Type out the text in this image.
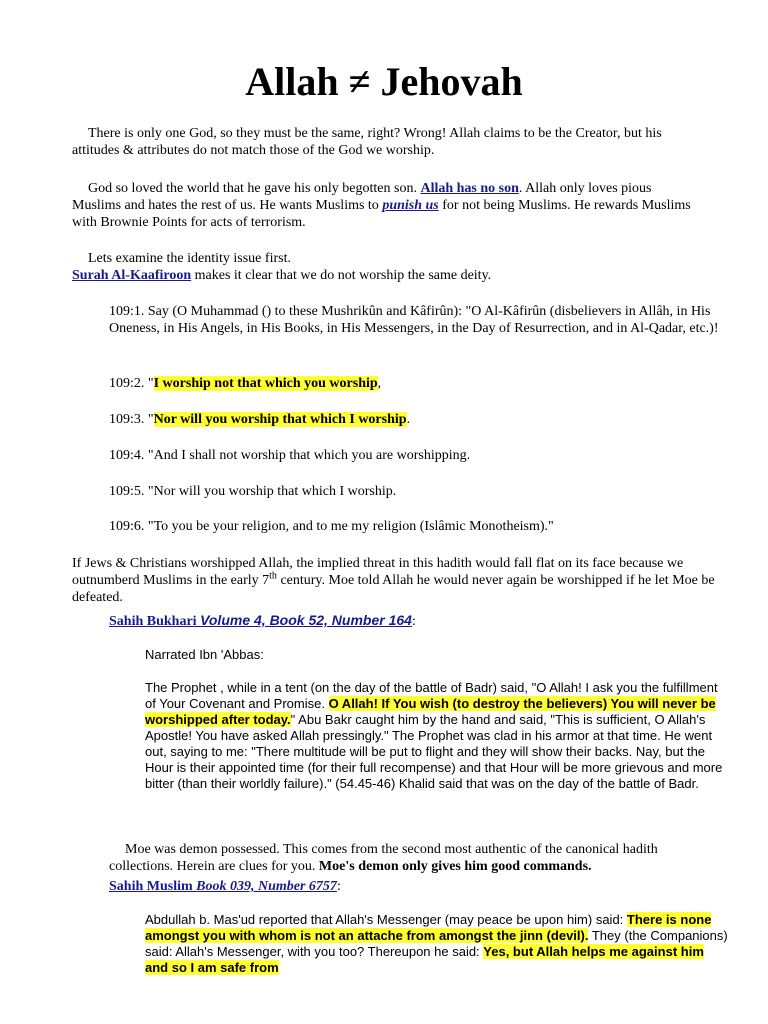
Allah ≠ Jehovah

There is only one God, so they must be the same, right? Wrong! Allah claims to be the Creator, but his attitudes & attributes do not match those of the God we worship.

God so loved the world that he gave his only begotten son. Allah has no son. Allah only loves pious Muslims and hates the rest of us. He wants Muslims to punish us for not being Muslims. He rewards Muslims with Brownie Points for acts of terrorism.

Lets examine the identity issue first.

Surah Al-Kaafiroon makes it clear that we do not worship the same deity.

109:1. Say (O Muhammad () to these Mushrikûn and Kâfirûn): "O Al-Kâfirûn (disbelievers in Allâh, in His Oneness, in His Angels, in His Books, in His Messengers, in the Day of Resurrection, and in Al-Qadar, etc.)!

109:2. "I worship not that which you worship,

109:3. "Nor will you worship that which I worship.

109:4. "And I shall not worship that which you are worshipping.

109:5. "Nor will you worship that which I worship.

109:6. "To you be your religion, and to me my religion (Islâmic Monotheism)."

If Jews & Christians worshipped Allah, the implied threat in this hadith would fall flat on its face because we outnumberd Muslims in the early 7th century. Moe told Allah he would never again be worshipped if he let Moe be defeated.

Sahih Bukhari Volume 4, Book 52, Number 164:

Narrated Ibn 'Abbas:

The Prophet , while in a tent (on the day of the battle of Badr) said, "O Allah! I ask you the fulfillment of Your Covenant and Promise. O Allah! If You wish (to destroy the believers) You will never be worshipped after today." Abu Bakr caught him by the hand and said, "This is sufficient, O Allah's Apostle! You have asked Allah pressingly." The Prophet was clad in his armor at that time. He went out, saying to me: "There multitude will be put to flight and they will show their backs. Nay, but the Hour is their appointed time (for their full recompense) and that Hour will be more grievous and more bitter (than their worldly failure)." (54.45-46) Khalid said that was on the day of the battle of Badr.

Moe was demon possessed. This comes from the second most authentic of the canonical hadith collections. Herein are clues for you. Moe's demon only gives him good commands.

Sahih Muslim Book 039, Number 6757:

Abdullah b. Mas'ud reported that Allah's Messenger (may peace be upon him) said: There is none amongst you with whom is not an attache from amongst the jinn (devil). They (the Companions) said: Allah's Messenger, with you too? Thereupon he said: Yes, but Allah helps me against him and so I am safe from
